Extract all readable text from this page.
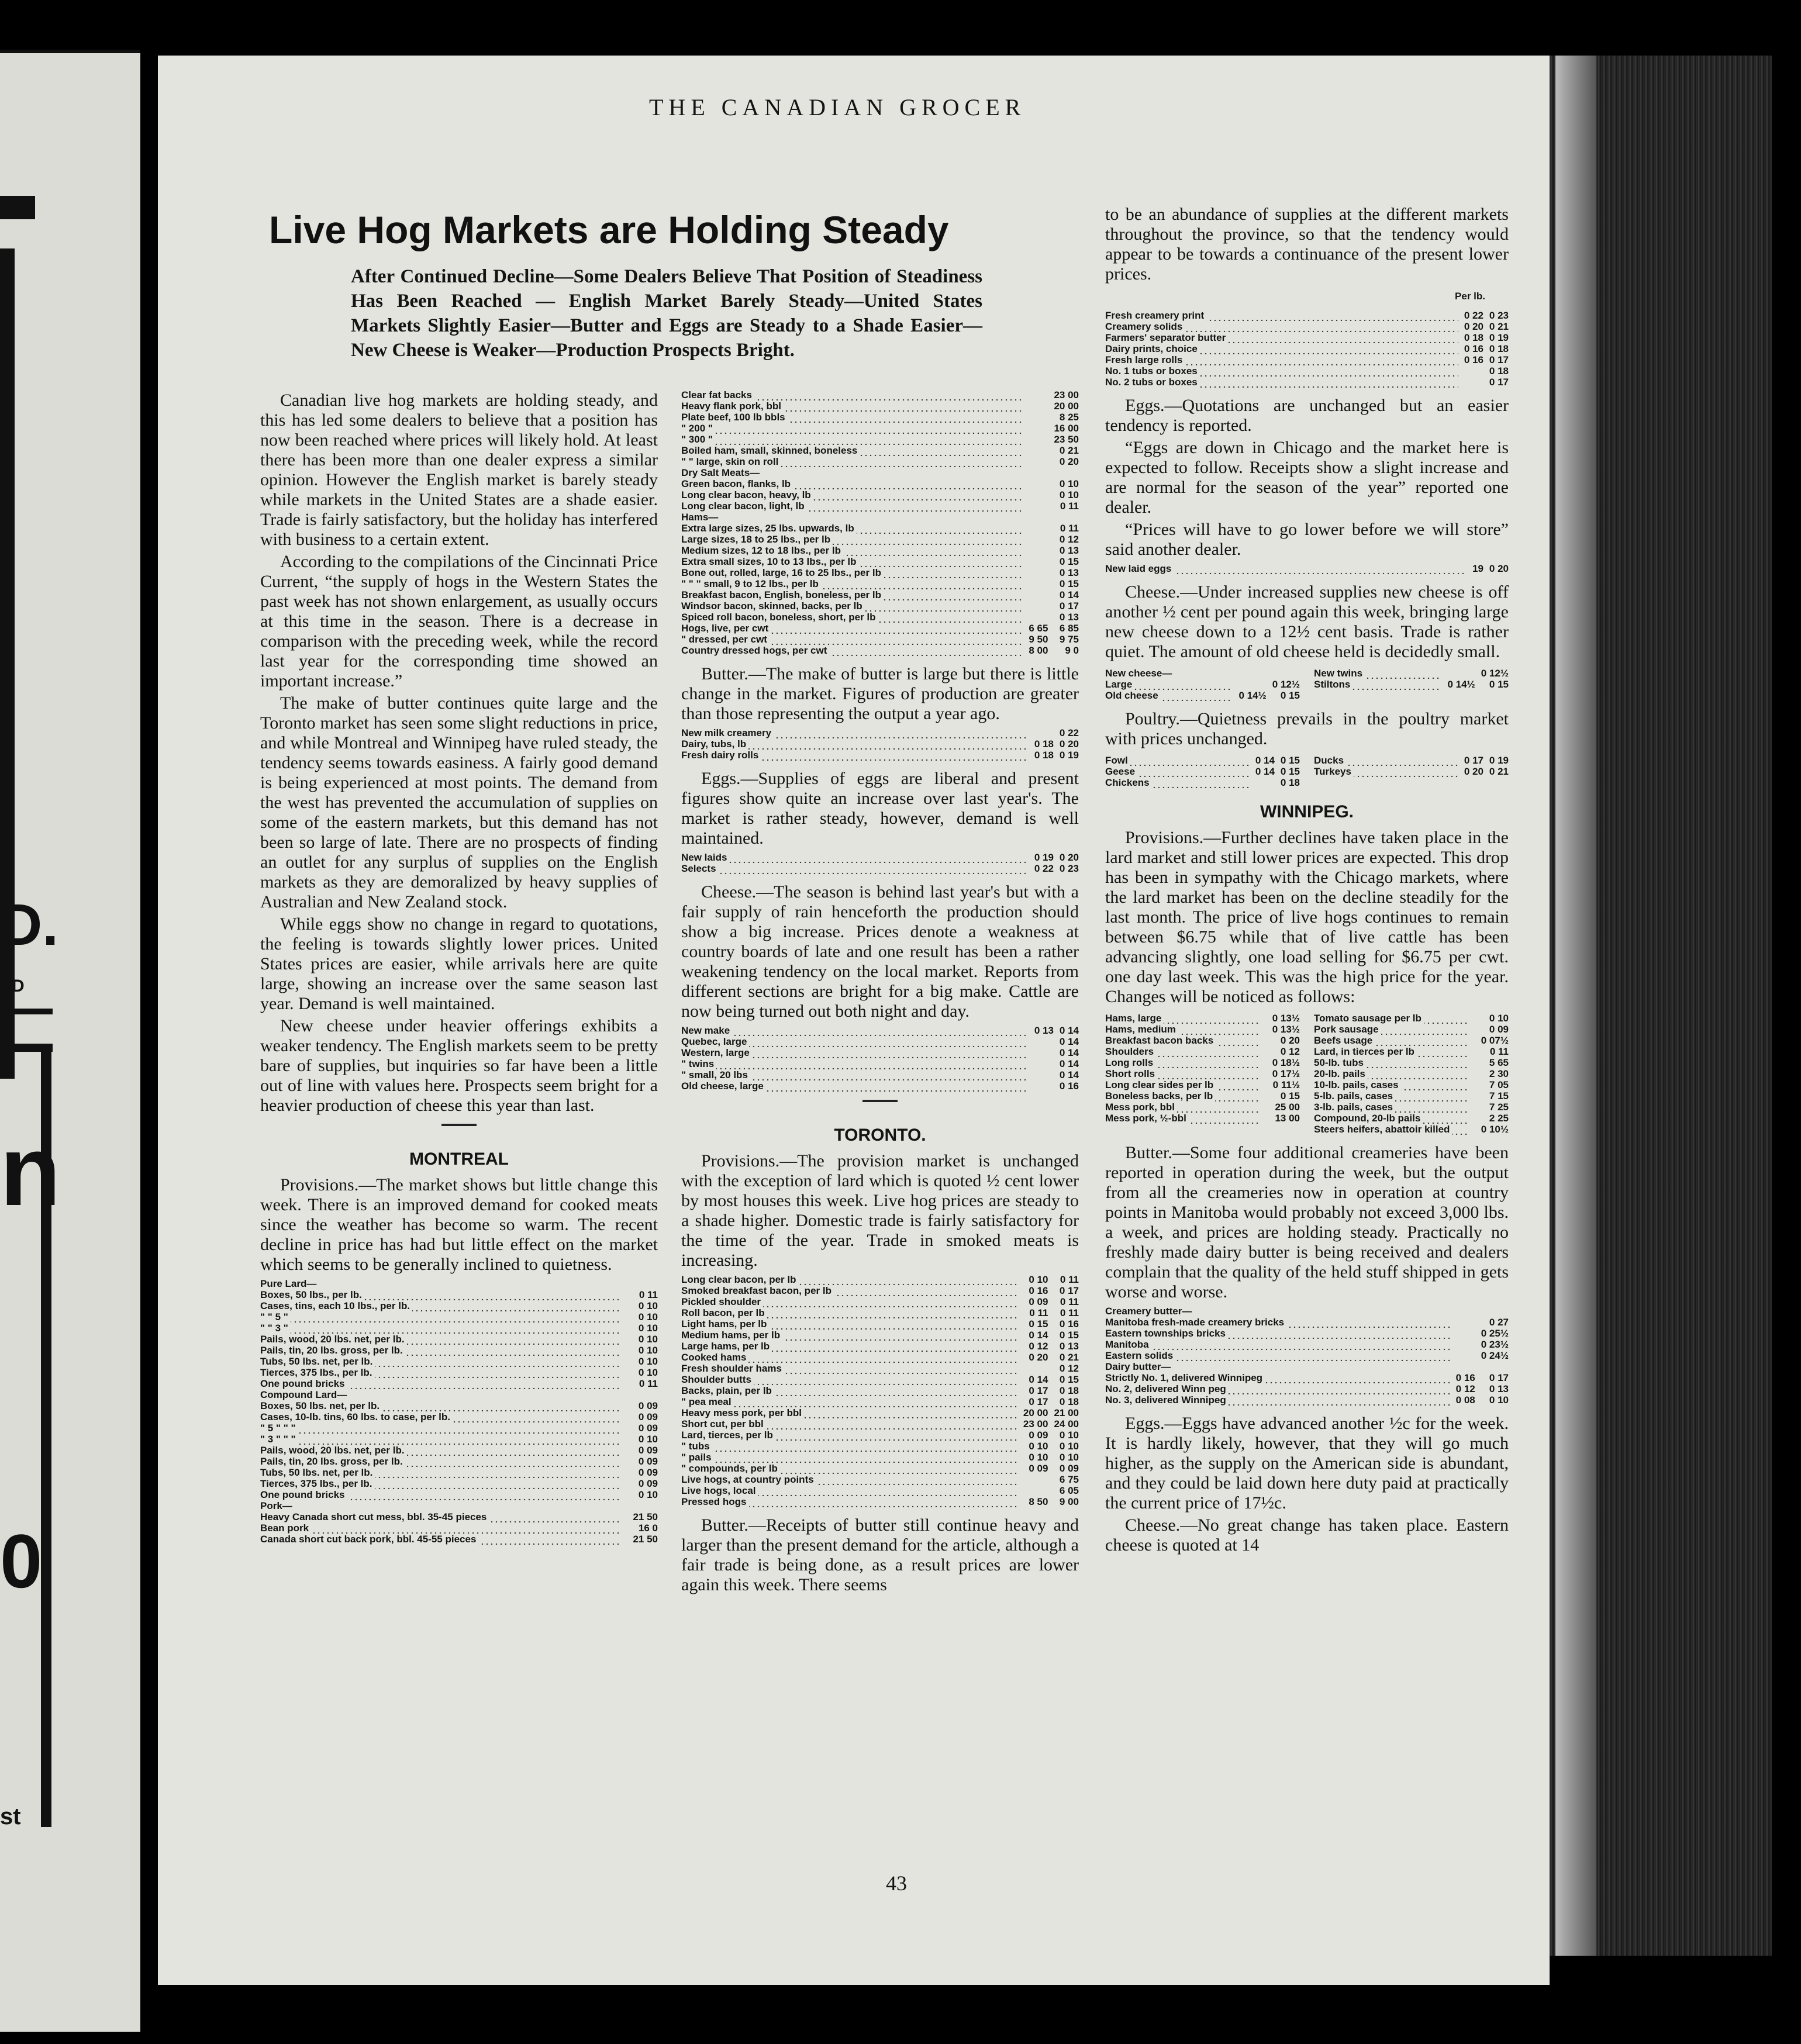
D.
ED
n
0
st
THE CANADIAN GROCER
Live Hog Markets are Holding Steady
After Continued Decline—Some Dealers Believe That Position of Steadiness Has Been Reached — English Market Barely Steady—United States Markets Slightly Easier—Butter and Eggs are Steady to a Shade Easier—New Cheese is Weaker—Production Prospects Bright.

Canadian live hog markets are holding steady, and this has led some dealers to believe that a position has now been reached where prices will likely hold. At least there has been more than one dealer express a similar opinion. However the English market is barely steady while markets in the United States are a shade easier. Trade is fairly satisfactory, but the holiday has interfered with business to a certain extent.

According to the compilations of the Cincinnati Price Current, “the supply of hogs in the Western States the past week has not shown enlargement, as usually occurs at this time in the season. There is a decrease in comparison with the preceding week, while the record last year for the corresponding time showed an important increase.”

The make of butter continues quite large and the Toronto market has seen some slight reductions in price, and while Montreal and Winnipeg have ruled steady, the tendency seems towards easiness. A fairly good demand is being experienced at most points. The demand from the west has prevented the accumulation of supplies on some of the eastern markets, but this demand has not been so large of late. There are no prospects of finding an outlet for any surplus of supplies on the English markets as they are demoralized by heavy supplies of Australian and New Zealand stock.

While eggs show no change in regard to quotations, the feeling is towards slightly lower prices. United States prices are easier, while arrivals here are quite large, showing an increase over the same season last year. Demand is well maintained.

New cheese under heavier offerings exhibits a weaker tendency. The English markets seem to be pretty bare of supplies, but inquiries so far have been a little out of line with values here. Prospects seem bright for a heavier production of cheese this year than last.

MONTREAL

Provisions.—The market shows but little change this week. There is an improved demand for cooked meats since the weather has become so warm. The recent decline in price has had but little effect on the market which seems to be generally inclined to quietness.

Pure Lard—		
Boxes, 50 lbs., per lb.		0 11
Cases, tins, each 10 lbs., per lb.		0 10
" " 5 "		0 10
" " 3 "		0 10
Pails, wood, 20 lbs. net, per lb.		0 10
Pails, tin, 20 lbs. gross, per lb.		0 10
Tubs, 50 lbs. net, per lb.		0 10
Tierces, 375 lbs., per lb.		0 10
One pound bricks		0 11
Compound Lard—		
Boxes, 50 lbs. net, per lb.		0 09
Cases, 10-lb. tins, 60 lbs. to case, per lb.		0 09
" 5 " " "		0 09
" 3 " " "		0 10
Pails, wood, 20 lbs. net, per lb.		0 09
Pails, tin, 20 lbs. gross, per lb.		0 09
Tubs, 50 lbs. net, per lb.		0 09
Tierces, 375 lbs., per lb.		0 09
One pound bricks		0 10
Pork—		
Heavy Canada short cut mess, bbl. 35-45 pieces		21 50
Bean pork		16 0
Canada short cut back pork, bbl. 45-55 pieces		21 50
Clear fat backs		23 00
Heavy flank pork, bbl		20 00
Plate beef, 100 lb bbls		8 25
" 200 "		16 00
" 300 "		23 50
Boiled ham, small, skinned, boneless		0 21
" " large, skin on roll		0 20
Dry Salt Meats—		
Green bacon, flanks, lb		0 10
Long clear bacon, heavy, lb		0 10
Long clear bacon, light, lb		0 11
Hams—		
Extra large sizes, 25 lbs. upwards, lb		0 11
Large sizes, 18 to 25 lbs., per lb		0 12
Medium sizes, 12 to 18 lbs., per lb		0 13
Extra small sizes, 10 to 13 lbs., per lb		0 15
Bone out, rolled, large, 16 to 25 lbs., per lb		0 13
" " " small, 9 to 12 lbs., per lb		0 15
Breakfast bacon, English, boneless, per lb		0 14
Windsor bacon, skinned, backs, per lb		0 17
Spiced roll bacon, boneless, short, per lb		0 13
Hogs, live, per cwt	6 65	6 85
" dressed, per cwt	9 50	9 75
Country dressed hogs, per cwt	8 00	9 0

Butter.—The make of butter is large but there is little change in the market. Figures of production are greater than those representing the output a year ago.

New milk creamery		0 22
Dairy, tubs, lb	0 18	0 20
Fresh dairy rolls	0 18	0 19

Eggs.—Supplies of eggs are liberal and present figures show quite an increase over last year's. The market is rather steady, however, demand is well maintained.

New laids	0 19	0 20
Selects	0 22	0 23

Cheese.—The season is behind last year's but with a fair supply of rain henceforth the production should show a big increase. Prices denote a weakness at country boards of late and one result has been a rather weakening tendency on the local market. Reports from different sections are bright for a big make. Cattle are now being turned out both night and day.

New make	0 13	0 14
Quebec, large		0 14
Western, large		0 14
" twins		0 14
" small, 20 lbs		0 14
Old cheese, large		0 16
TORONTO.

Provisions.—The provision market is unchanged with the exception of lard which is quoted ½ cent lower by most houses this week. Live hog prices are steady to a shade higher. Domestic trade is fairly satisfactory for the time of the year. Trade in smoked meats is increasing.

Long clear bacon, per lb	0 10	0 11
Smoked breakfast bacon, per lb	0 16	0 17
Pickled shoulder	0 09	0 11
Roll bacon, per lb	0 11	0 11
Light hams, per lb	0 15	0 16
Medium hams, per lb	0 14	0 15
Large hams, per lb	0 12	0 13
Cooked hams	0 20	0 21
Fresh shoulder hams		0 12
Shoulder butts	0 14	0 15
Backs, plain, per lb	0 17	0 18
" pea meal	0 17	0 18
Heavy mess pork, per bbl	20 00	21 00
Short cut, per bbl	23 00	24 00
Lard, tierces, per lb	0 09	0 10
" tubs	0 10	0 10
" pails	0 10	0 10
" compounds, per lb	0 09	0 09
Live hogs, at country points		6 75
Live hogs, local		6 05
Pressed hogs	8 50	9 00

Butter.—Receipts of butter still continue heavy and larger than the present demand for the article, although a fair trade is being done, as a result prices are lower again this week. There seems

to be an abundance of supplies at the different markets throughout the province, so that the tendency would appear to be towards a continuance of the present lower prices.

Per lb.
Fresh creamery print	0 22	0 23
Creamery solids	0 20	0 21
Farmers' separator butter	0 18	0 19
Dairy prints, choice	0 16	0 18
Fresh large rolls	0 16	0 17
No. 1 tubs or boxes		0 18
No. 2 tubs or boxes		0 17

Eggs.—Quotations are unchanged but an easier tendency is reported.

“Eggs are down in Chicago and the market here is expected to follow. Receipts show a slight increase and are normal for the season of the year” reported one dealer.

“Prices will have to go lower before we will store” said another dealer.

New laid eggs	19	0 20

Cheese.—Under increased supplies new cheese is off another ½ cent per pound again this week, bringing large new cheese down to a 12½ cent basis. Trade is rather quiet. The amount of old cheese held is decidedly small.

New cheese—		
Large		0 12½
Old cheese	0 14½	0 15
New twins		0 12½
Stiltons	0 14½	0 15

Poultry.—Quietness prevails in the poultry market with prices unchanged.

Fowl	0 14	0 15
Geese	0 14	0 15
Chickens		0 18
Ducks	0 17	0 19
Turkeys	0 20	0 21
WINNIPEG.

Provisions.—Further declines have taken place in the lard market and still lower prices are expected. This drop has been in sympathy with the Chicago markets, where the lard market has been on the decline steadily for the last month. The price of live hogs continues to remain between $6.75 while that of live cattle has been advancing slightly, one load selling for $6.75 per cwt. one day last week. This was the high price for the year. Changes will be noticed as follows:

Hams, large		0 13½
Hams, medium		0 13½
Breakfast bacon backs		0 20
Shoulders		0 12
Long rolls		0 18½
Short rolls		0 17½
Long clear sides per lb		0 11½
Boneless backs, per lb		0 15
Mess pork, bbl		25 00
Mess pork, ½-bbl		13 00
Tomato sausage per lb		0 10
Pork sausage		0 09
Beefs usage		0 07½
Lard, in tierces per lb		0 11
50-lb. tubs		5 65
20-lb. pails		2 30
10-lb. pails, cases		7 05
5-lb. pails, cases		7 15
3-lb. pails, cases		7 25
Compound, 20-lb pails		2 25
Steers heifers, abattoir killed		0 10½

Butter.—Some four additional creameries have been reported in operation during the week, but the output from all the creameries now in operation at country points in Manitoba would probably not exceed 3,000 lbs. a week, and prices are holding steady. Practically no freshly made dairy butter is being received and dealers complain that the quality of the held stuff shipped in gets worse and worse.

Creamery butter—		
Manitoba fresh-made creamery bricks		0 27
Eastern townships bricks		0 25½
Manitoba		0 23½
Eastern solids		0 24½
Dairy butter—		
Strictly No. 1, delivered Winnipeg	0 16	0 17
No. 2, delivered Winn peg	0 12	0 13
No. 3, delivered Winnipeg	0 08	0 10

Eggs.—Eggs have advanced another ½c for the week. It is hardly likely, however, that they will go much higher, as the supply on the American side is abundant, and they could be laid down here duty paid at practically the current price of 17½c.

Cheese.—No great change has taken place. Eastern cheese is quoted at 14

43
